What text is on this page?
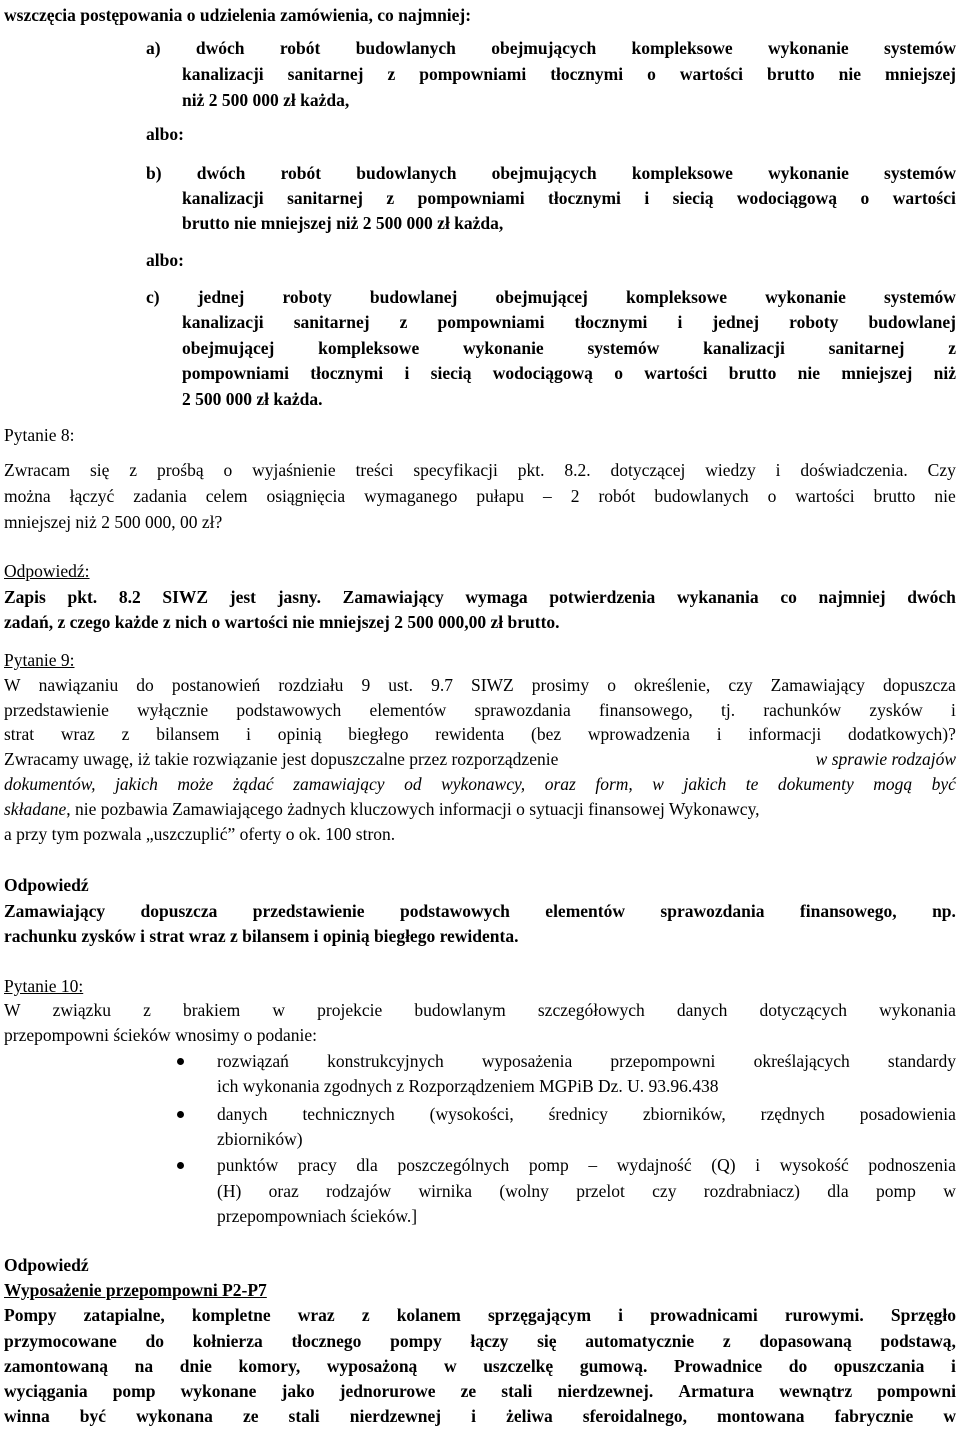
wszczęcia postępowania o udzielenia zamówienia, co najmniej:
a) dwóch robót budowlanych obejmujących kompleksowe wykonanie systemów
kanalizacji sanitarnej z pompowniami tłocznymi o wartości brutto nie mniejszej
niż 2 500 000 zł każda,
albo:
b) dwóch robót budowlanych obejmujących kompleksowe wykonanie systemów
kanalizacji sanitarnej z pompowniami tłocznymi i siecią wodociągową o wartości
brutto nie mniejszej niż 2 500 000 zł każda,
albo:
c) jednej roboty budowlanej obejmującej kompleksowe wykonanie systemów
kanalizacji sanitarnej z pompowniami tłocznymi i jednej roboty budowlanej
obejmującej	kompleksowe	wykonanie	systemów	kanalizacji	sanitarnej	z
pompowniami tłocznymi i siecią wodociągową o wartości brutto nie mniejszej niż
2 500 000 zł każda.
Pytanie 8:
Zwracam się z prośbą o wyjaśnienie treści specyfikacji pkt. 8.2. dotyczącej wiedzy i doświadczenia. Czy
można łączyć zadania celem osiągnięcia wymaganego pułapu – 2 robót budowlanych o wartości brutto nie
mniejszej niż 2 500 000, 00 zł?
Odpowiedź:
Zapis pkt. 8.2 SIWZ jest jasny. Zamawiający wymaga potwierdzenia wykanania co najmniej dwóch
zadań, z czego każde z nich o wartości nie mniejszej 2 500 000,00 zł brutto.
Pytanie 9:
W nawiązaniu do postanowień rozdziału 9 ust. 9.7 SIWZ prosimy o określenie, czy Zamawiający dopuszcza
przedstawienie wyłącznie podstawowych elementów sprawozdania finansowego, tj. rachunków zysków i
strat wraz z bilansem i opinią biegłego rewidenta (bez wprowadzenia i informacji dodatkowych)?
Zwracamy uwagę, iż takie rozwiązanie jest dopuszczalne przez rozporządzenie	w sprawie rodzajów
dokumentów, jakich może żądać zamawiający od wykonawcy, oraz form, w jakich te dokumenty mogą być
składane, nie pozbawia Zamawiającego żadnych kluczowych informacji o sytuacji finansowej Wykonawcy,
a przy tym pozwala „uszczuplić” oferty o ok. 100 stron.
Odpowiedź
Zamawiający dopuszcza przedstawienie podstawowych elementów sprawozdania finansowego, np.
rachunku zysków i strat wraz z bilansem i opinią biegłego rewidenta.
Pytanie 10:
W związku z brakiem w projekcie budowlanym szczegółowych danych dotyczących wykonania
przepompowni ścieków wnosimy o podanie:
rozwiązań konstrukcyjnych wyposażenia przepompowni określających standardy
ich wykonania zgodnych z Rozporządzeniem MGPiB Dz. U. 93.96.438
danych technicznych (wysokości, średnicy zbiorników, rzędnych posadowienia
zbiorników)
punktów pracy dla poszczególnych pomp – wydajność (Q) i wysokość podnoszenia
(H) oraz rodzajów wirnika (wolny przelot czy rozdrabniacz) dla pomp w
przepompowniach ścieków.]
Odpowiedź
Wyposażenie przepompowni P2-P7
Pompy zatapialne, kompletne wraz z kolanem sprzęgającym i prowadnicami rurowymi. Sprzęgło
przymocowane do kołnierza tłocznego pompy łączy się automatycznie z dopasowaną podstawą,
zamontowaną na dnie komory, wyposażoną w uszczelkę gumową. Prowadnice do opuszczania i
wyciągania pomp wykonane jako jednorurowe ze stali nierdzewnej. Armatura wewnątrz pompowni
winna być wykonana ze stali nierdzewnej i żeliwa sferoidalnego, montowana fabrycznie w
